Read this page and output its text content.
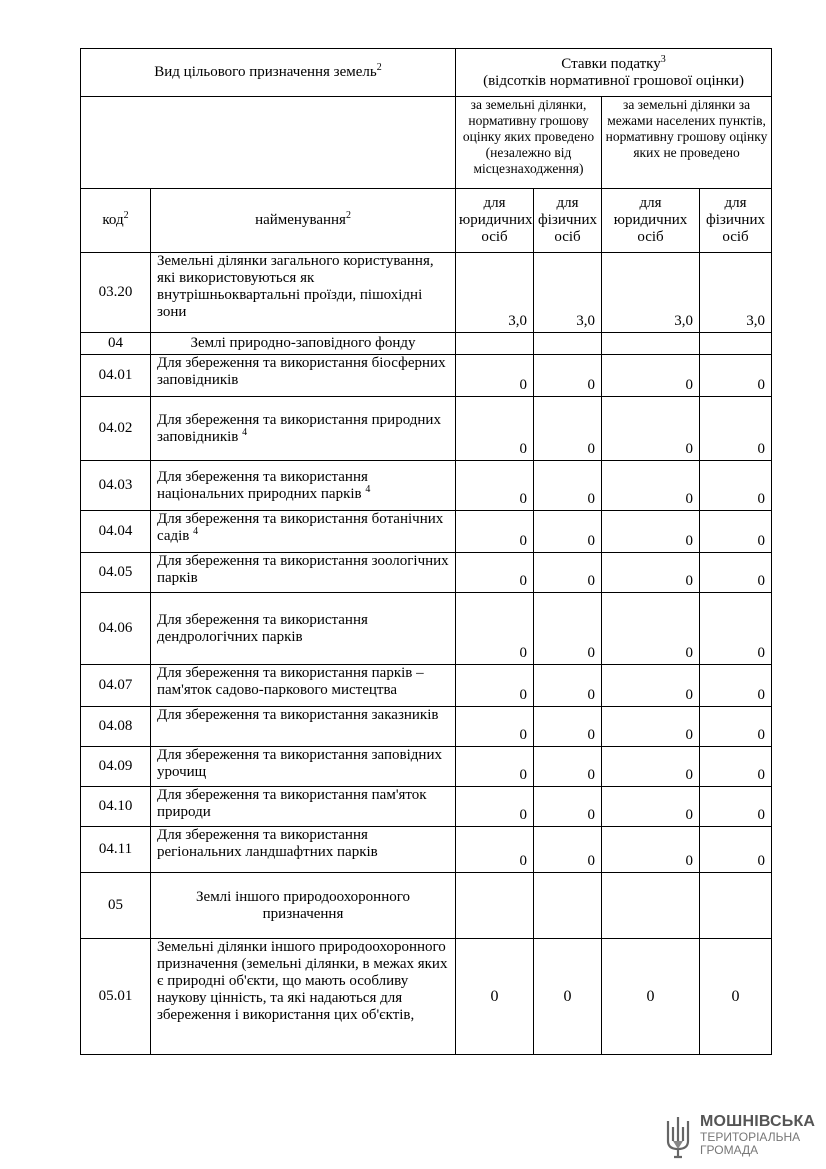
Вид цільового призначення земель$^2$		Ставки податку$^3$
(відсотків нормативної грошової оцінки)			
		за земельні ділянки, нормативну грошову оцінку яких проведено (незалежно від місцезнаходження)		за земельні ділянки за межами населених пунктів, нормативну грошову оцінку яких не проведено	
код$^2$	найменування$^2$	для юридичних осіб	для фізичних осіб	для юридичних осіб	для фізичних осіб
03.20	Земельні ділянки загального користування, які використовуються як внутрішньоквартальні проїзди, пішохідні зони	3,0	3,0	3,0	3,0
04	Землі природно-заповідного фонду				
04.01	Для збереження та використання біосферних заповідників	0	0	0	0
04.02	Для збереження та використання природних заповідників $^4$	0	0	0	0
04.03	Для збереження та використання національних природних парків $^4$	0	0	0	0
04.04	Для збереження та використання ботанічних садів $^4$	0	0	0	0
04.05	Для збереження та використання зоологічних парків	0	0	0	0
04.06	Для збереження та використання дендрологічних парків	0	0	0	0
04.07	Для збереження та використання парків – пам'яток садово-паркового мистецтва	0	0	0	0
04.08	Для збереження та використання заказників	0	0	0	0
04.09	Для збереження та використання заповідних урочищ	0	0	0	0
04.10	Для збереження та використання пам'яток природи	0	0	0	0
04.11	Для збереження та використання регіональних ландшафтних парків	0	0	0	0
05	Землі іншого природоохоронного призначення				
05.01	Земельні ділянки іншого природоохоронного призначення (земельні ділянки, в межах яких є природні об'єкти, що мають особливу наукову цінність, та які надаються для збереження і використання цих об'єктів,	0	0	0	0
МОШНІВСЬКА
ТЕРИТОРІАЛЬНА
ГРОМАДА
